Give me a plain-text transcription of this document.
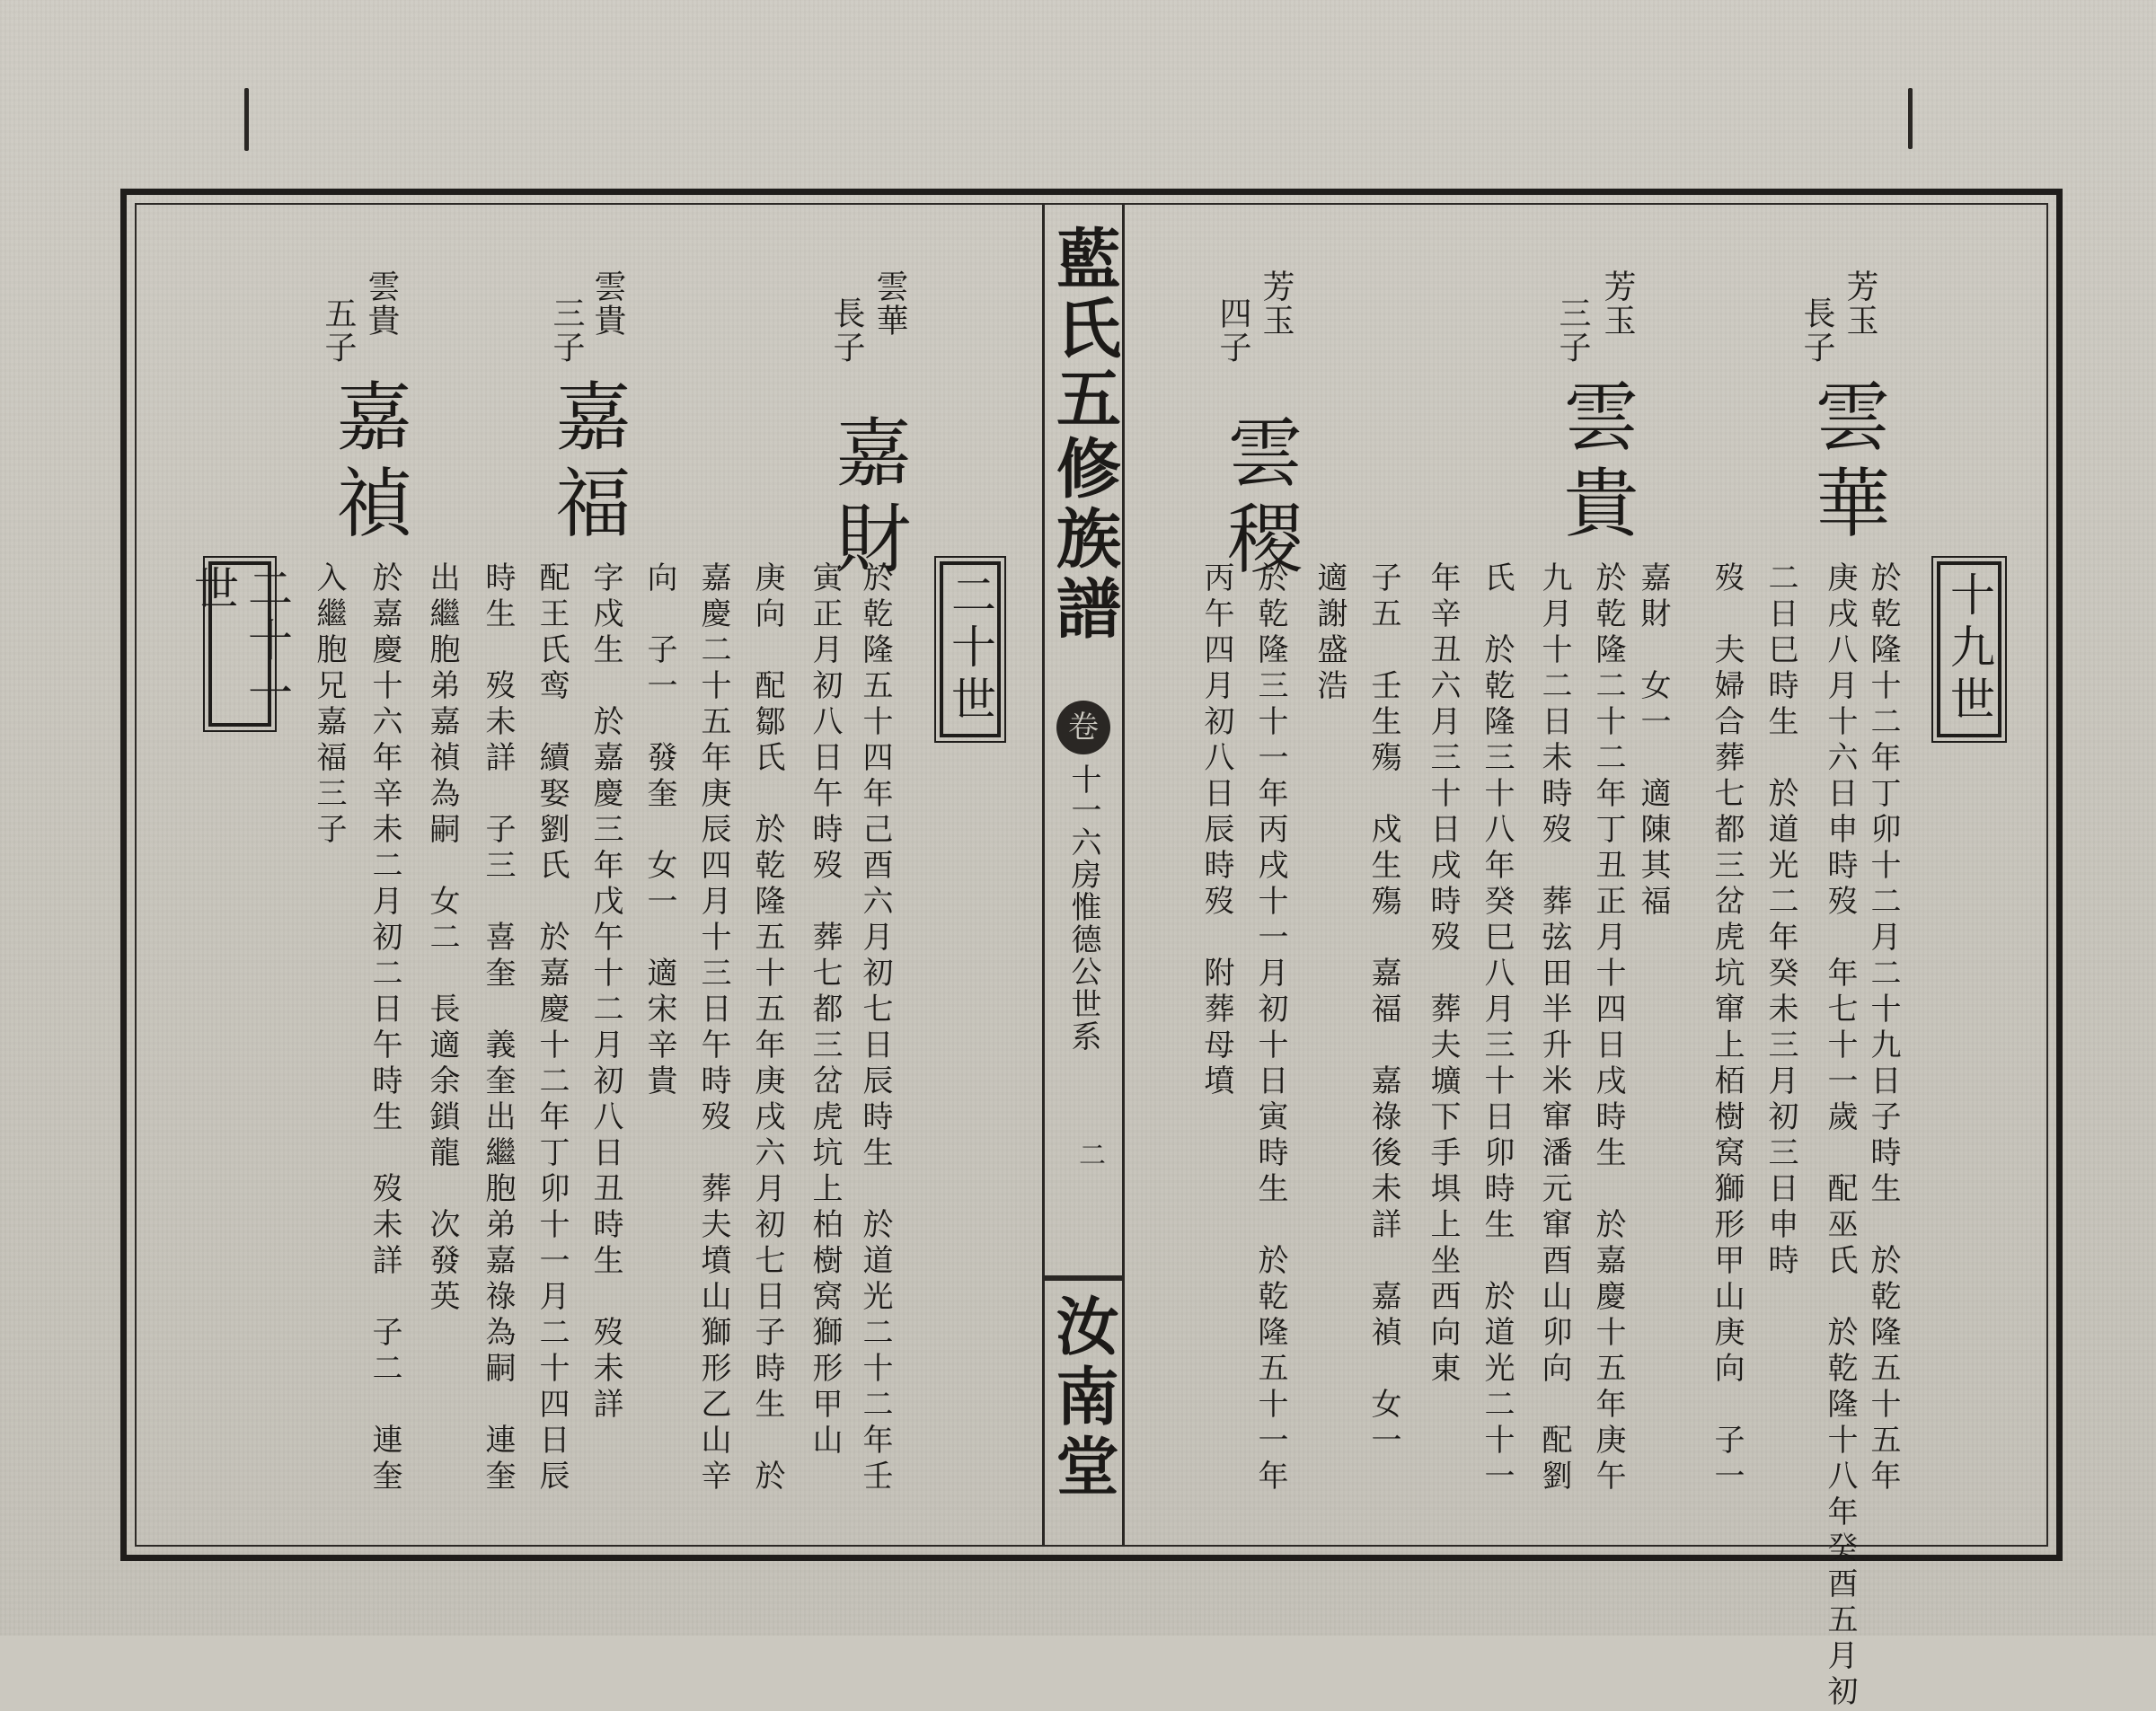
藍氏五修族譜
卷
十一
六房惟德公世系
二
汝南堂
十九世
芳玉
長子
雲華
於乾隆十二年丁卯十二月二十九日子時生　於乾隆五十五年
庚戌八月十六日申時歿　年七十一歲　配巫氏　於乾隆十八年癸酉五月初
二日巳時生　於道光二年癸未三月初三日申時
歿　夫婦合葬七都三岔虎坑窜上栢樹窝獅形甲山庚向　子一
芳玉
三子
雲貴
嘉財　女一　適陳其福
於乾隆二十二年丁丑正月十四日戌時生　於嘉慶十五年庚午
九月十二日未時歿　葬弦田半升米窜潘元窜酉山卯向　配劉
氏　於乾隆三十八年癸巳八月三十日卯時生　於道光二十一
年辛丑六月三十日戌時歿　葬夫壙下手埧上坐西向東
子五　壬生殤　戍生殤　嘉福　嘉祿後未詳　嘉禎　女一
適謝盛浩
芳玉
四子
雲稷
於乾隆三十一年丙戌十一月初十日寅時生　於乾隆五十一年
丙午四月初八日辰時歿　附葬母墳
二十世
二十一世
雲華
長子
嘉財
於乾隆五十四年己酉六月初七日辰時生　於道光二十二年壬
寅正月初八日午時歿　葬七都三岔虎坑上柏樹窝獅形甲山
庚向　配鄒氏　於乾隆五十五年庚戌六月初七日子時生　於
嘉慶二十五年庚辰四月十三日午時歿　葬夫墳山獅形乙山辛
向　子一　發奎　女一　適宋辛貴
雲貴
三子
嘉福
字戍生　於嘉慶三年戊午十二月初八日丑時生　歿未詳
配王氏鸾　續娶劉氏　於嘉慶十二年丁卯十一月二十四日辰
時生　歿未詳　子三　喜奎　義奎出繼胞弟嘉祿為嗣　連奎
雲貴
五子
嘉禎
出繼胞弟嘉禎為嗣　女二　長適余鎖龍　次發英
於嘉慶十六年辛未二月初二日午時生　歿未詳　子二　連奎
入繼胞兄嘉福三子
